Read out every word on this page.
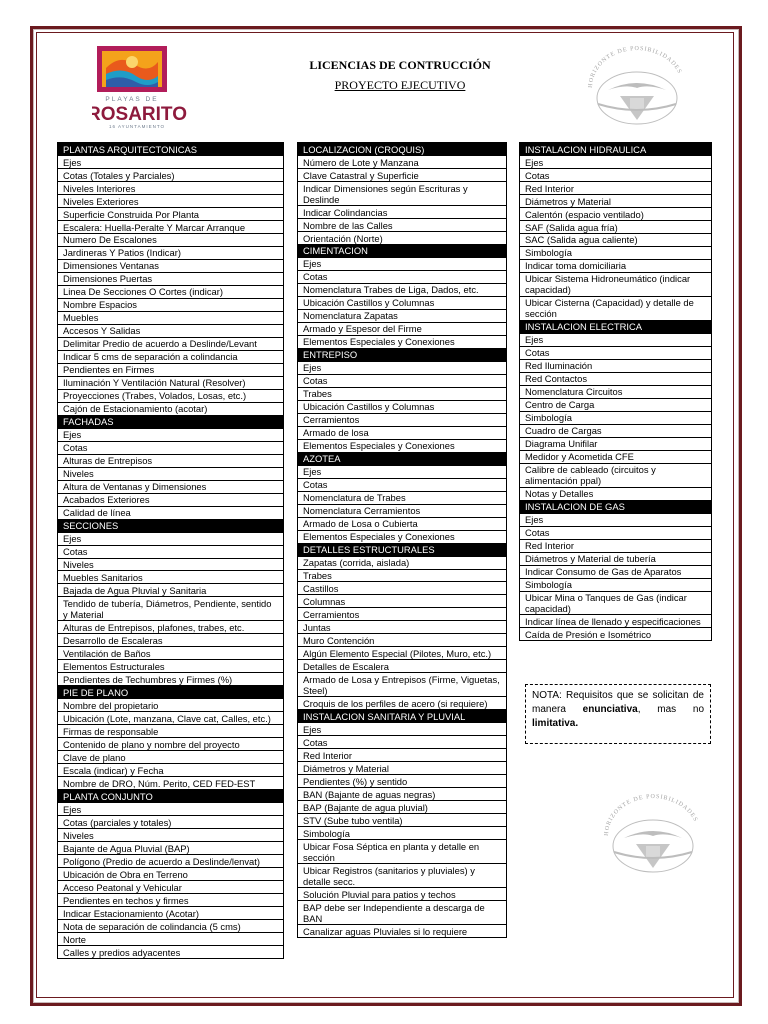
PLAYAS DE
ROSARITO
16 AYUNTAMIENTO
LICENCIAS DE CONTRUCCIÓN
PROYECTO EJECUTIVO	HORIZONTE DE POSIBILIDADES
PLANTAS ARQUITECTONICAS
Ejes
Cotas (Totales y Parciales)
Niveles Interiores
Niveles Exteriores
Superficie Construida Por Planta
Escalera: Huella-Peralte Y Marcar Arranque
Numero De Escalones
Jardineras Y Patios (Indicar)
Dimensiones Ventanas
Dimensiones Puertas
Linea De Secciones O Cortes (indicar)
Nombre Espacios
Muebles
Accesos Y Salidas
Delimitar Predio de acuerdo a Deslinde/Levant
Indicar 5 cms de separación a colindancia
Pendientes en Firmes
Iluminación Y Ventilación Natural (Resolver)
Proyecciones (Trabes, Volados, Losas, etc.)
Cajón de Estacionamiento (acotar)
FACHADAS
Ejes
Cotas
Alturas de Entrepisos
Niveles
Altura de Ventanas y Dimensiones
Acabados Exteriores
Calidad de línea
SECCIONES
Ejes
Cotas
Niveles
Muebles Sanitarios
Bajada de Agua Pluvial y Sanitaria
Tendido de tubería, Diámetros, Pendiente, sentido y Material
Alturas de Entrepisos, plafones, trabes, etc.
Desarrollo de Escaleras
Ventilación de Baños
Elementos Estructurales
Pendientes de Techumbres y Firmes (%)
PIE DE PLANO
Nombre del propietario
Ubicación (Lote, manzana, Clave cat, Calles, etc.)
Firmas de responsable
Contenido de plano y nombre del proyecto
Clave de plano
Escala (indicar) y Fecha
Nombre de DRO, Núm. Perito, CED FED-EST
PLANTA CONJUNTO
Ejes
Cotas (parciales y totales)
Niveles
Bajante de Agua Pluvial (BAP)
Polígono (Predio de acuerdo a Deslinde/lenvat)
Ubicación de Obra en Terreno
Acceso Peatonal y Vehicular
Pendientes en techos y firmes
Indicar Estacionamiento (Acotar)
Nota de separación de colindancia (5 cms)
Norte
Calles y predios adyacentes
LOCALIZACION (CROQUIS)
Número de Lote y Manzana
Clave Catastral y Superficie
Indicar Dimensiones según Escrituras y Deslinde
Indicar Colindancias
Nombre de las Calles
Orientación (Norte)
CIMENTACION
Ejes
Cotas
Nomenclatura Trabes de Liga, Dados, etc.
Ubicación Castillos y Columnas
Nomenclatura Zapatas
Armado y Espesor del Firme
Elementos Especiales y Conexiones
ENTREPISO
Ejes
Cotas
Trabes
Ubicación Castillos y Columnas
Cerramientos
Armado de losa
Elementos Especiales y Conexiones
AZOTEA
Ejes
Cotas
Nomenclatura de Trabes
Nomenclatura Cerramientos
Armado de Losa o Cubierta
Elementos Especiales y Conexiones
DETALLES ESTRUCTURALES
Zapatas (corrida, aislada)
Trabes
Castillos
Columnas
Cerramientos
Juntas
Muro Contención
Algún Elemento Especial (Pilotes, Muro, etc.)
Detalles de Escalera
Armado de Losa y Entrepisos (Firme, Viguetas, Steel)
Croquis de los perfiles de acero (si requiere)
INSTALACION SANITARIA Y PLUVIAL
Ejes
Cotas
Red Interior
Diámetros y Material
Pendientes (%) y sentido
BAN (Bajante de aguas negras)
BAP (Bajante de agua pluvial)
STV (Sube tubo ventila)
Simbología
Ubicar Fosa Séptica en planta y detalle en sección
Ubicar Registros (sanitarios y pluviales) y detalle secc.
Solución Pluvial para patios y techos
BAP debe ser Independiente a descarga de BAN
Canalizar aguas Pluviales si lo requiere
INSTALACION HIDRAULICA
Ejes
Cotas
Red Interior
Diámetros y Material
Calentón (espacio ventilado)
SAF (Salida agua fría)
SAC (Salida agua caliente)
Simbología
Indicar toma domiciliaria
Ubicar Sistema Hidroneumático (indicar capacidad)
Ubicar Cisterna (Capacidad) y detalle de sección
INSTALACION ELECTRICA
Ejes
Cotas
Red Iluminación
Red Contactos
Nomenclatura Circuitos
Centro de Carga
Simbología
Cuadro de Cargas
Diagrama Unifilar
Medidor y Acometida CFE
Calibre de cableado (circuitos y alimentación ppal)
Notas y Detalles
INSTALACION DE GAS
Ejes
Cotas
Red Interior
Diámetros y Material de tubería
Indicar Consumo de Gas de Aparatos
Simbología
Ubicar Mina o Tanques de Gas (indicar capacidad)
Indicar línea de llenado y especificaciones
Caída de Presión e Isométrico
NOTA: Requisitos que se solicitan de manera enunciativa, mas no limitativa.
HORIZONTE DE POSIBILIDADES
